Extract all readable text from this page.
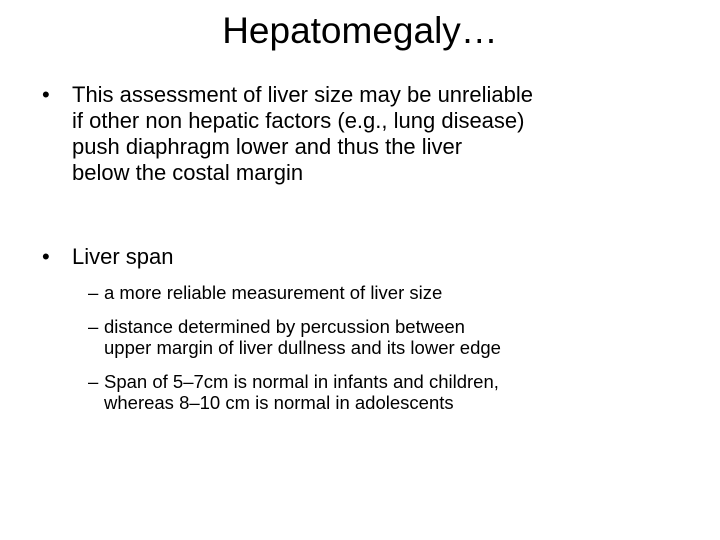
Hepatomegaly…
• This assessment of liver size may be unreliable
if other non hepatic factors (e.g., lung disease)
push diaphragm lower and thus the liver
below the costal margin
• Liver span
– a more reliable measurement of liver size
– distance determined by percussion between
upper margin of liver dullness and its lower edge
– Span of 5–7cm is normal in infants and children,
whereas 8–10 cm is normal in adolescents
